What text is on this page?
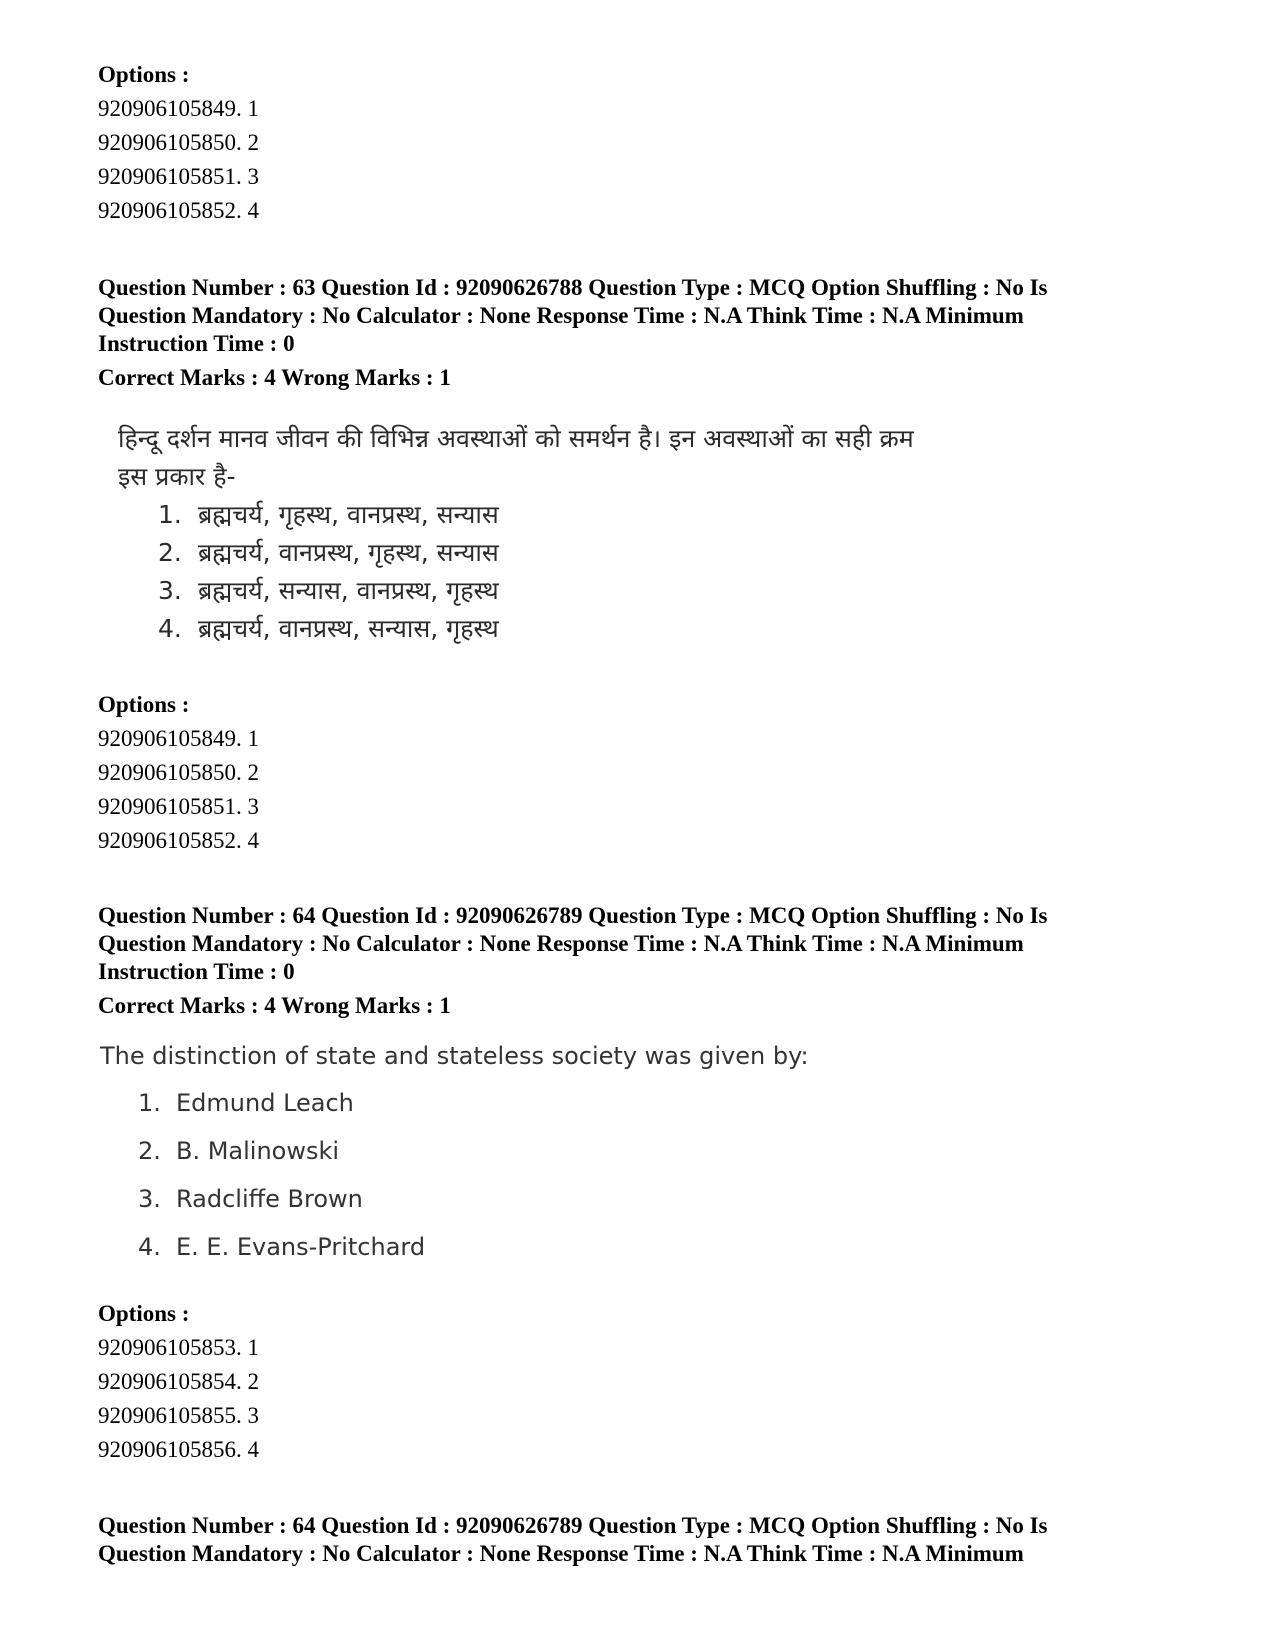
Options :
920906105849. 1
920906105850. 2
920906105851. 3
920906105852. 4
Question Number : 63 Question Id : 92090626788 Question Type : MCQ Option Shuffling : No Is
Question Mandatory : No Calculator : None Response Time : N.A Think Time : N.A Minimum
Instruction Time : 0
Correct Marks : 4 Wrong Marks : 1
हिन्दू दर्शन मानव जीवन की विभिन्न अवस्थाओं को समर्थन है। इन अवस्थाओं का सही क्रम
इस प्रकार है-
1. ब्रह्मचर्य, गृहस्थ, वानप्रस्थ, सन्यास
2. ब्रह्मचर्य, वानप्रस्थ, गृहस्थ, सन्यास
3. ब्रह्मचर्य, सन्यास, वानप्रस्थ, गृहस्थ
4. ब्रह्मचर्य, वानप्रस्थ, सन्यास, गृहस्थ
Options :
920906105849. 1
920906105850. 2
920906105851. 3
920906105852. 4
Question Number : 64 Question Id : 92090626789 Question Type : MCQ Option Shuffling : No Is
Question Mandatory : No Calculator : None Response Time : N.A Think Time : N.A Minimum
Instruction Time : 0
Correct Marks : 4 Wrong Marks : 1
The distinction of state and stateless society was given by:
1. Edmund Leach
2. B. Malinowski
3. Radcliffe Brown
4. E. E. Evans-Pritchard
Options :
920906105853. 1
920906105854. 2
920906105855. 3
920906105856. 4
Question Number : 64 Question Id : 92090626789 Question Type : MCQ Option Shuffling : No Is
Question Mandatory : No Calculator : None Response Time : N.A Think Time : N.A Minimum
